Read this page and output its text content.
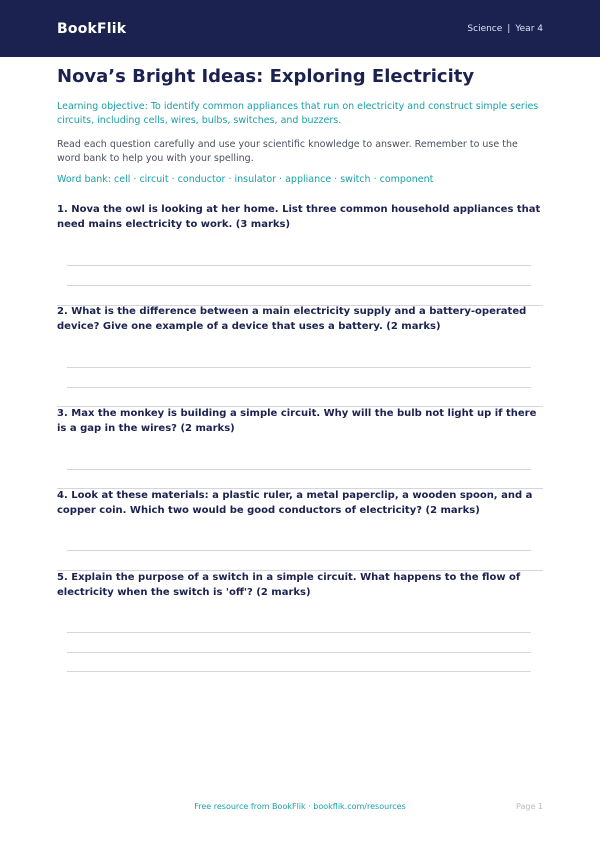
BookFlik	Science | Year 4
Nova’s Bright Ideas: Exploring Electricity
Learning objective: To identify common appliances that run on electricity and construct simple series circuits, including cells, wires, bulbs, switches, and buzzers.
Read each question carefully and use your scientific knowledge to answer. Remember to use the word bank to help you with your spelling.
Word bank: cell · circuit · conductor · insulator · appliance · switch · component
1. Nova the owl is looking at her home. List three common household appliances that need mains electricity to work. (3 marks)
2. What is the difference between a main electricity supply and a battery-operated device? Give one example of a device that uses a battery. (2 marks)
3. Max the monkey is building a simple circuit. Why will the bulb not light up if there is a gap in the wires? (2 marks)
4. Look at these materials: a plastic ruler, a metal paperclip, a wooden spoon, and a copper coin. Which two would be good conductors of electricity? (2 marks)
5. Explain the purpose of a switch in a simple circuit. What happens to the flow of electricity when the switch is 'off'? (2 marks)
Free resource from BookFlik · bookflik.com/resources	Page 1
